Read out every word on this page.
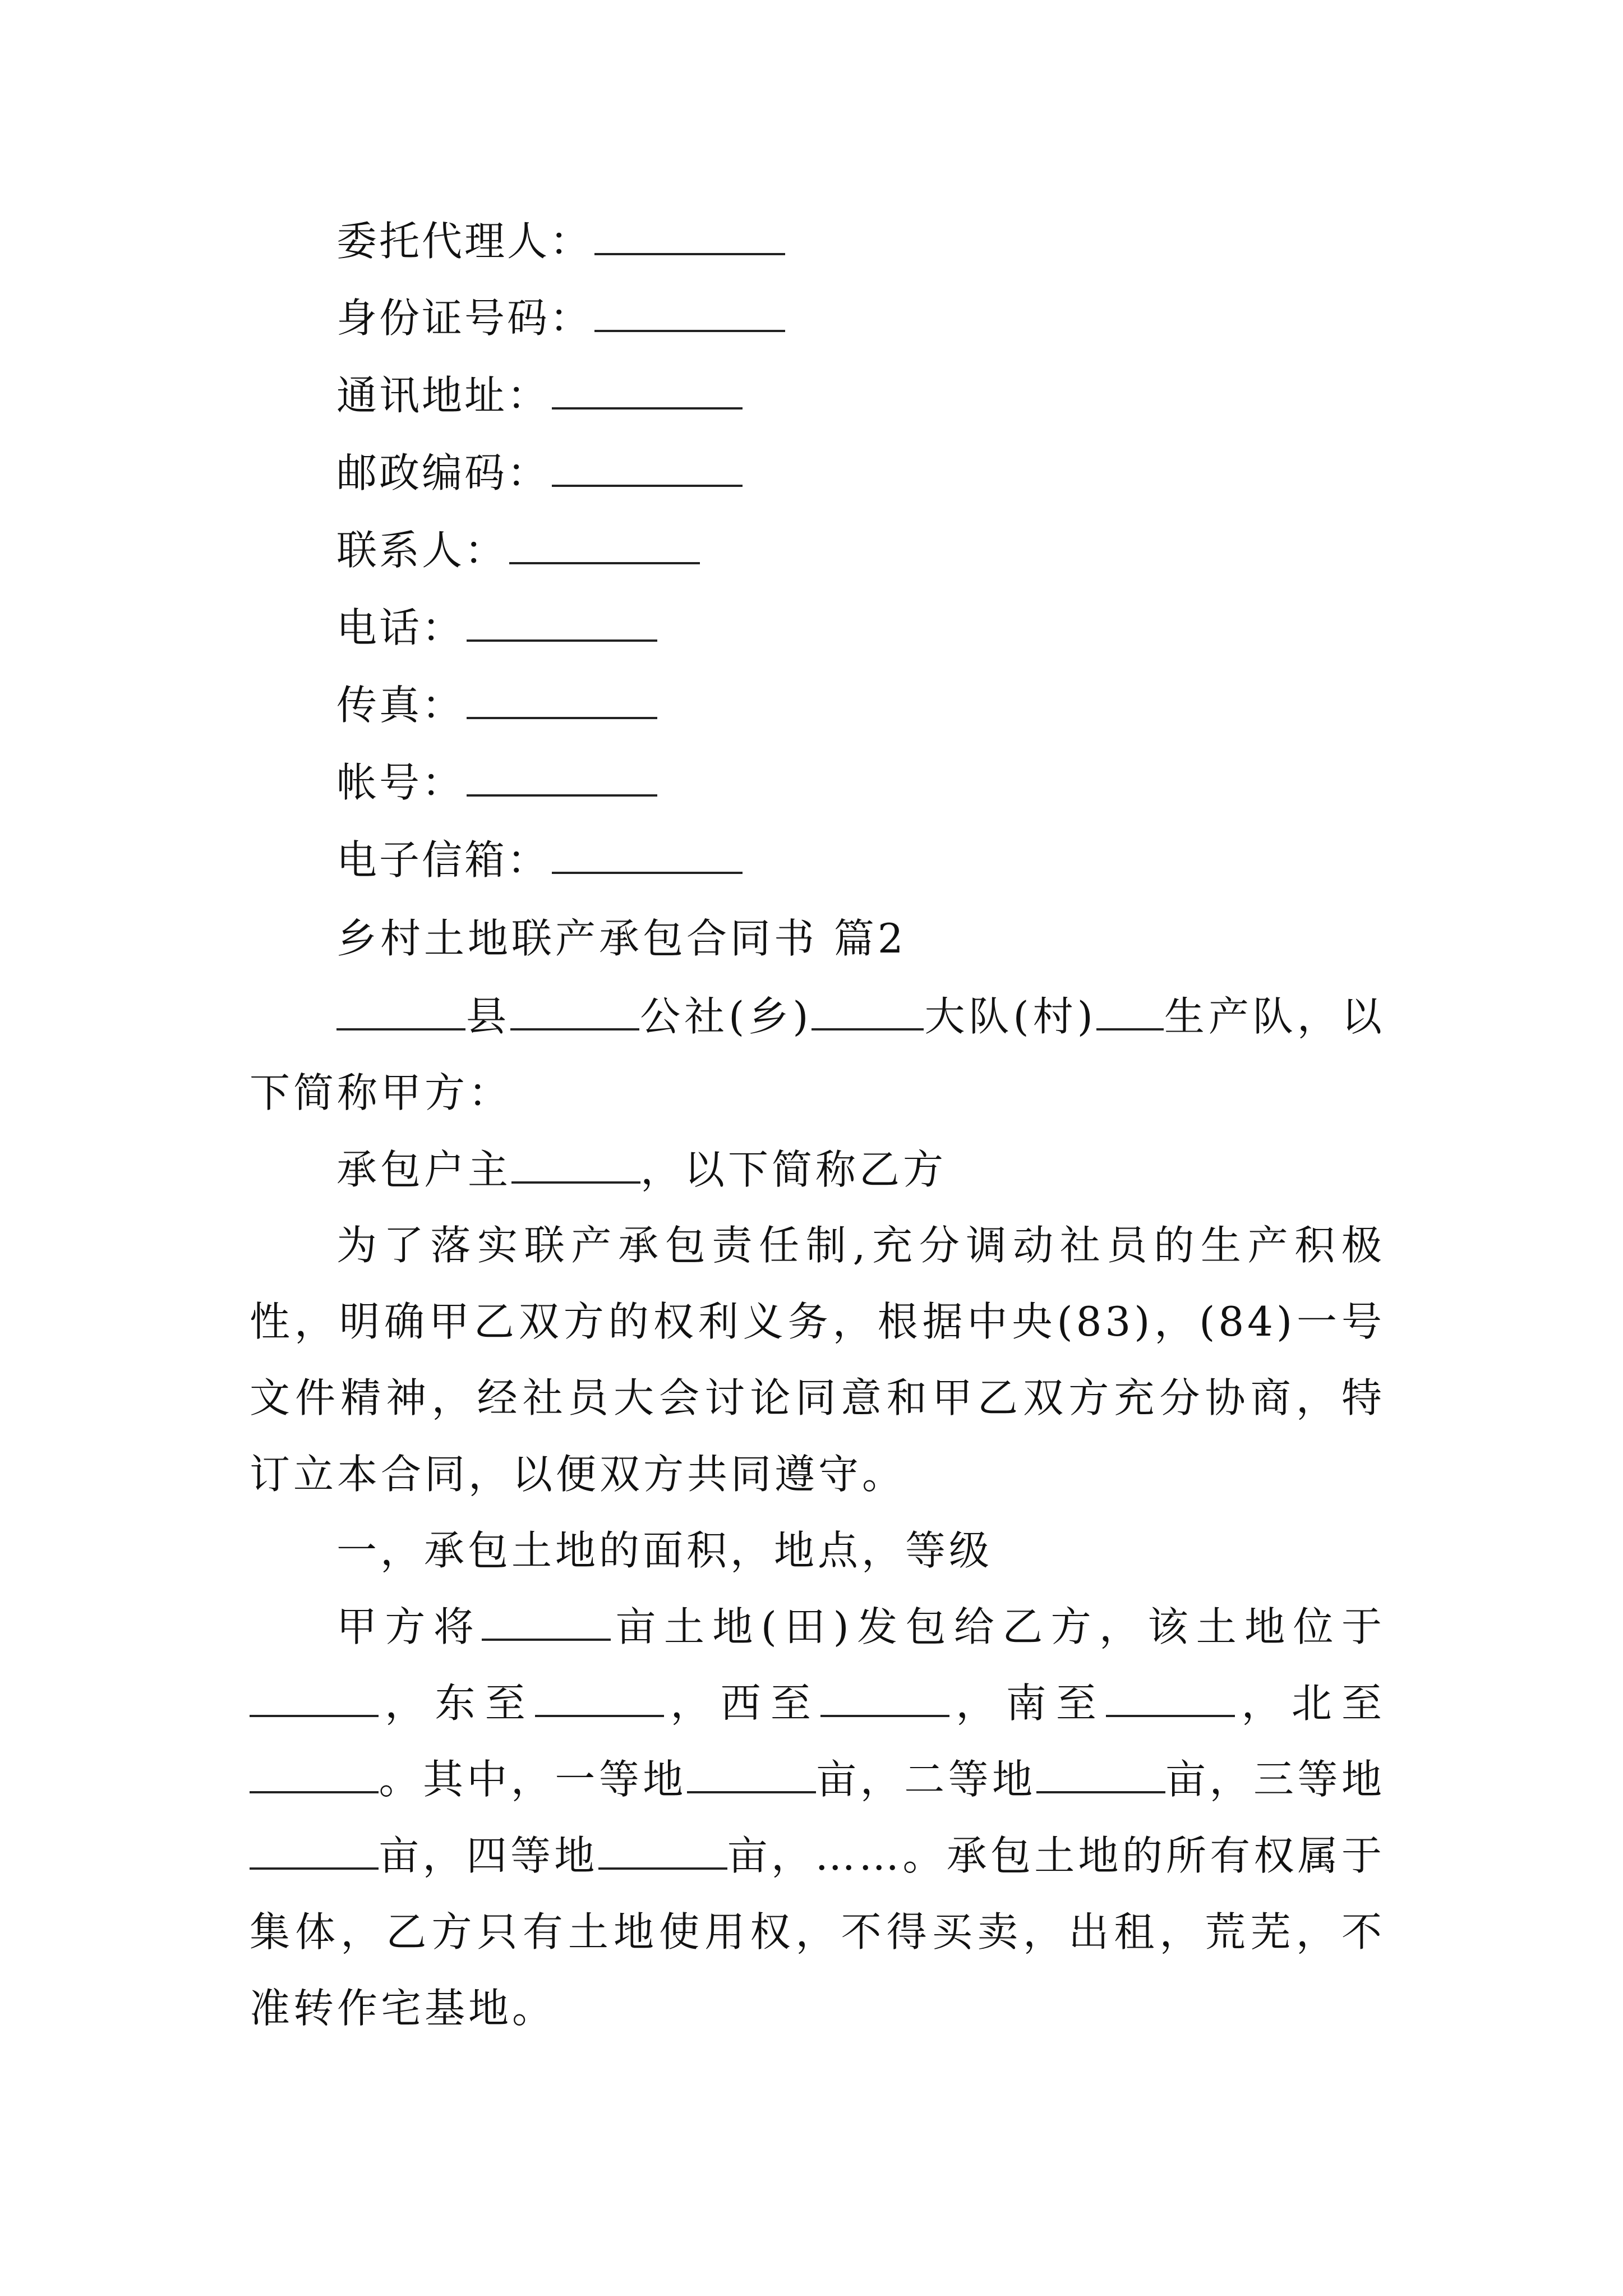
委托代理人：
身份证号码：
通讯地址：
邮政编码：
联系人：
电话：
传真：
帐号：
电子信箱：
乡村土地联产承包合同书 篇2
县	公社(乡)	大队(村) 生产队，以下简称甲方：
承包户主	，以下简称乙方
为了落实联产承包责任制,充分调动社员的生产积极性，明确甲乙双方的权利义务，根据中央(83)，(84)一号文件精神，经社员大会讨论同意和甲乙双方充分协商，特订立本合同，以便双方共同遵守。
一，承包土地的面积，地点，等级
甲方将	亩土地(田)发包给乙方，该土地位于，东至	，西至	，南至	，北至。其中，一等地	亩，二等地	亩，三等地亩，四等地	亩，……。承包土地的所有权属于集体，乙方只有土地使用权，不得买卖，出租，荒芜，不准转作宅基地。
